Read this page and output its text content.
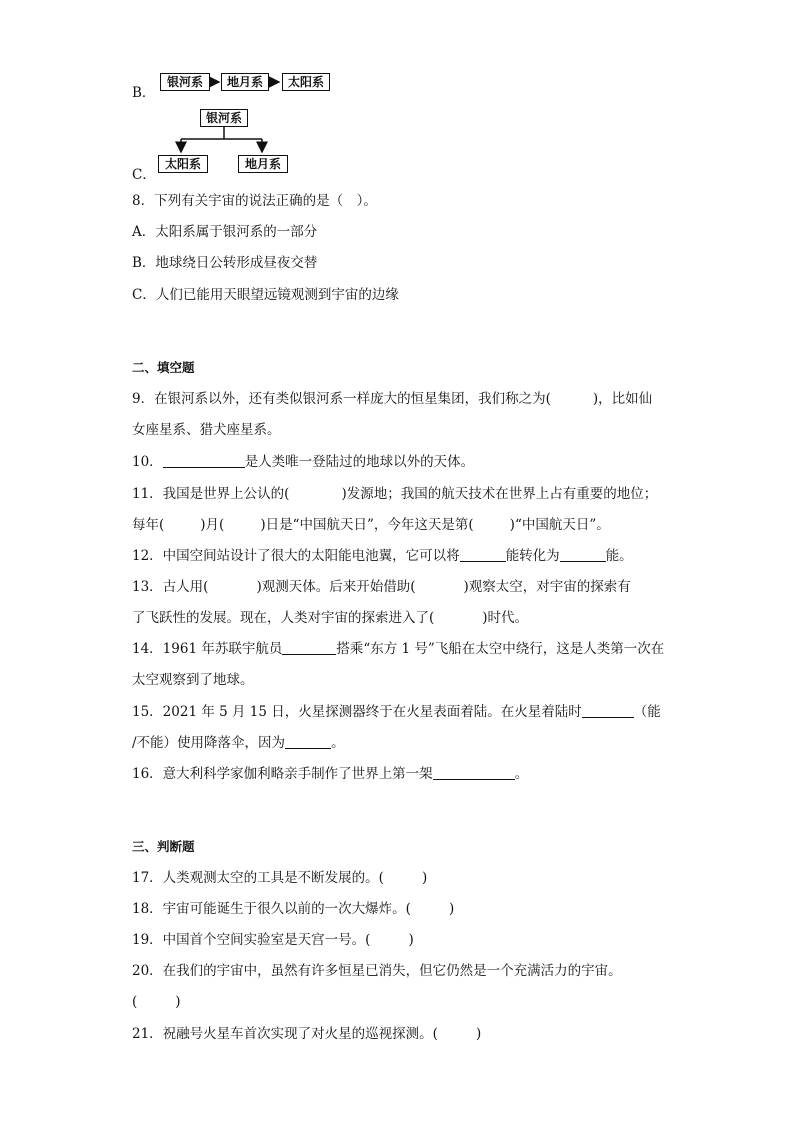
B．
银河系	地月系	太阳系
银河系
太阳系	地月系
C．
8．下列有关宇宙的说法正确的是（　）。
A．太阳系属于银河系的一部分
B．地球绕日公转形成昼夜交替
C．人们已能用天眼望远镜观测到宇宙的边缘
二、填空题
9．在银河系以外，还有类似银河系一样庞大的恒星集团，我们称之为(	)，比如仙
女座星系、猎犬座星系。
10．	是人类唯一登陆过的地球以外的天体。
11．我国是世界上公认的(	)发源地；我国的航天技术在世界上占有重要的地位；
每年(	)月(	)日是“中国航天日”，今年这天是第(	)“中国航天日”。
12．中国空间站设计了很大的太阳能电池翼，它可以将	能转化为	能。
13．古人用(	)观测天体。后来开始借助(	)观察太空，对宇宙的探索有
了飞跃性的发展。现在，人类对宇宙的探索进入了(	)时代。
14．1961 年苏联宇航员	搭乘“东方 1 号”飞船在太空中绕行，这是人类第一次在
太空观察到了地球。
15．2021 年 5 月 15 日，火星探测器终于在火星表面着陆。在火星着陆时	（能
/不能）使用降落伞，因为	。
16．意大利科学家伽利略亲手制作了世界上第一架	。
三、判断题
17．人类观测太空的工具是不断发展的。(	)
18．宇宙可能诞生于很久以前的一次大爆炸。(	)
19．中国首个空间实验室是天宫一号。(	)
20．在我们的宇宙中，虽然有许多恒星已消失，但它仍然是一个充满活力的宇宙。
(	)
21．祝融号火星车首次实现了对火星的巡视探测。(	)
